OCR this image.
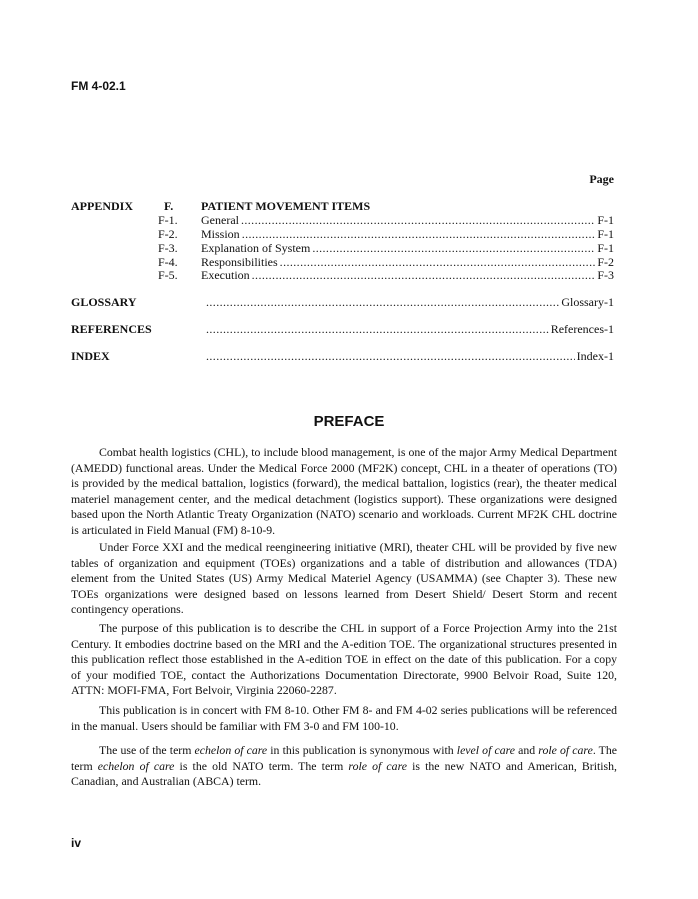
FM 4-02.1
Page
APPENDIX	F. PATIENT MOVEMENT ITEMS
F-1. General .....	F-1
F-2. Mission .....	F-1
F-3. Explanation of System .....	F-1
F-4. Responsibilities .....	F-2
F-5. Execution .....	F-3
GLOSSARY .....	Glossary-1
REFERENCES .....	References-1
INDEX .....	Index-1
PREFACE

Combat health logistics (CHL), to include blood management, is one of the major Army Medical Department (AMEDD) functional areas. Under the Medical Force 2000 (MF2K) concept, CHL in a theater of operations (TO) is provided by the medical battalion, logistics (forward), the medical battalion, logistics (rear), the theater medical materiel management center, and the medical detachment (logistics support). These organizations were designed based upon the North Atlantic Treaty Organization (NATO) scenario and workloads. Current MF2K CHL doctrine is articulated in Field Manual (FM) 8-10-9.

Under Force XXI and the medical reengineering initiative (MRI), theater CHL will be provided by five new tables of organization and equipment (TOEs) organizations and a table of distribution and allowances (TDA) element from the United States (US) Army Medical Materiel Agency (USAMMA) (see Chapter 3). These new TOEs organizations were designed based on lessons learned from Desert Shield/ Desert Storm and recent contingency operations.

The purpose of this publication is to describe the CHL in support of a Force Projection Army into the 21st Century. It embodies doctrine based on the MRI and the A-edition TOE. The organizational structures presented in this publication reflect those established in the A-edition TOE in effect on the date of this publication. For a copy of your modified TOE, contact the Authorizations Documentation Directorate, 9900 Belvoir Road, Suite 120, ATTN: MOFI-FMA, Fort Belvoir, Virginia 22060-2287.

This publication is in concert with FM 8-10. Other FM 8- and FM 4-02 series publications will be referenced in the manual. Users should be familiar with FM 3-0 and FM 100-10.

The use of the term echelon of care in this publication is synonymous with level of care and role of care. The term echelon of care is the old NATO term. The term role of care is the new NATO and American, British, Canadian, and Australian (ABCA) term.

iv
